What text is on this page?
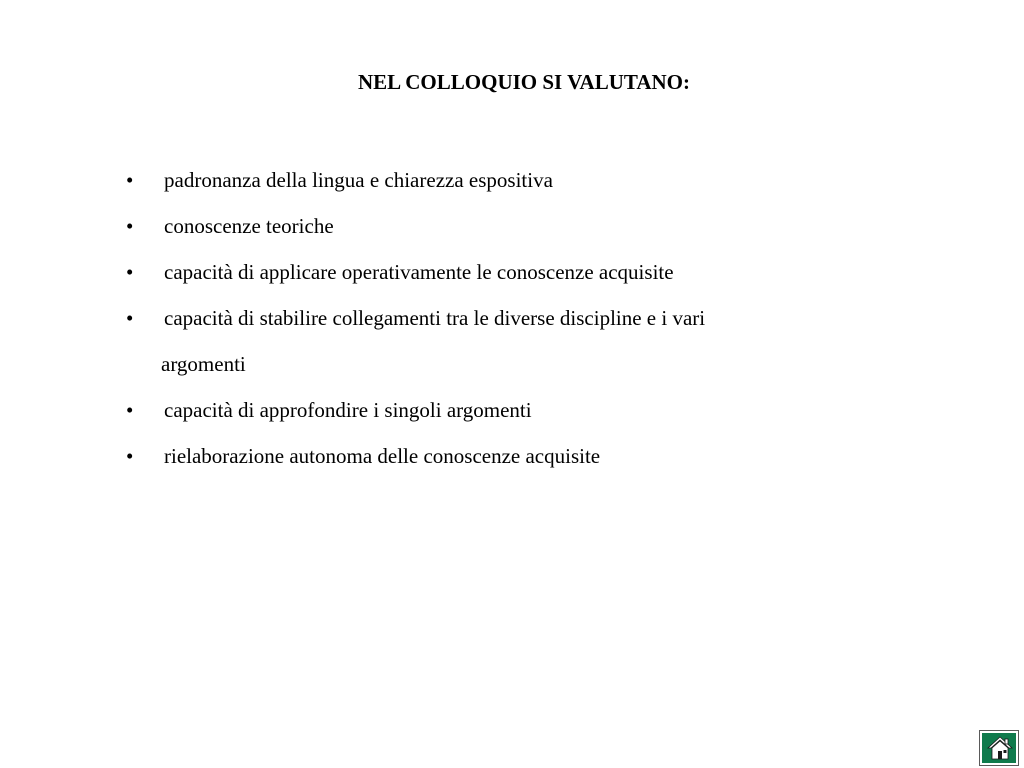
NEL COLLOQUIO SI VALUTANO:
•	padronanza della lingua e chiarezza espositiva
•	conoscenze teoriche
•	capacità di applicare operativamente le conoscenze acquisite
•	capacità di stabilire collegamenti tra le diverse discipline e i vari
argomenti
•	capacità di approfondire i singoli argomenti
•	rielaborazione autonoma delle conoscenze acquisite
